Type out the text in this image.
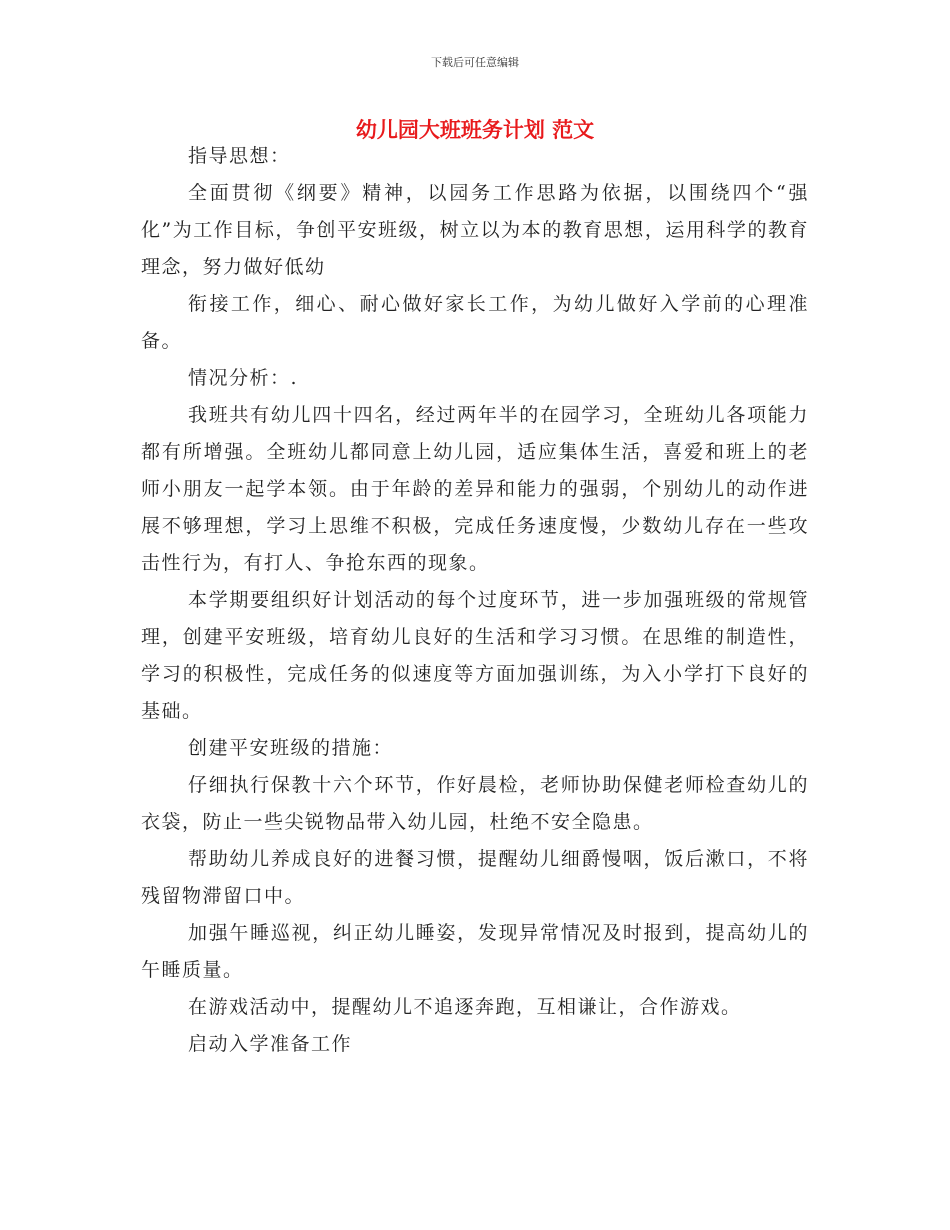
下载后可任意编辑
幼儿园大班班务计划 范文

指导思想：

全面贯彻《纲要》精神，以园务工作思路为依据，以围绕四个“强化”为工作目标，争创平安班级，树立以为本的教育思想，运用科学的教育理念，努力做好低幼

衔接工作，细心、耐心做好家长工作，为幼儿做好入学前的心理准备。

情况分析：.

我班共有幼儿四十四名，经过两年半的在园学习，全班幼儿各项能力都有所增强。全班幼儿都同意上幼儿园，适应集体生活，喜爱和班上的老师小朋友一起学本领。由于年龄的差异和能力的强弱，个别幼儿的动作进展不够理想，学习上思维不积极，完成任务速度慢，少数幼儿存在一些攻击性行为，有打人、争抢东西的现象。

本学期要组织好计划活动的每个过度环节，进一步加强班级的常规管理，创建平安班级，培育幼儿良好的生活和学习习惯。在思维的制造性，学习的积极性，完成任务的似速度等方面加强训练，为入小学打下良好的基础。

创建平安班级的措施：

仔细执行保教十六个环节，作好晨检，老师协助保健老师检查幼儿的衣袋，防止一些尖锐物品带入幼儿园，杜绝不安全隐患。

帮助幼儿养成良好的进餐习惯，提醒幼儿细爵慢咽，饭后漱口，不将残留物滞留口中。

加强午睡巡视，纠正幼儿睡姿，发现异常情况及时报到，提高幼儿的午睡质量。

在游戏活动中，提醒幼儿不追逐奔跑，互相谦让，合作游戏。

启动入学准备工作
